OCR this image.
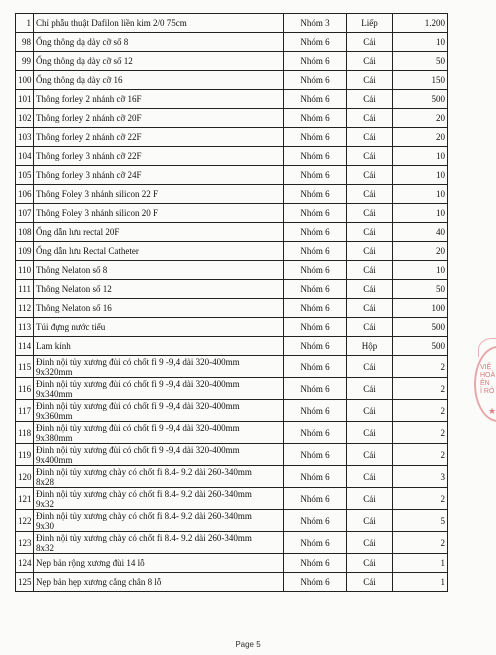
1	Chỉ phẫu thuật Dafilon liền kim 2/0 75cm	Nhóm 3	Liếp	1.200
98	Ống thông dạ dày cỡ số 8	Nhóm 6	Cái	10
99	Ống thông dạ dày cỡ số 12	Nhóm 6	Cái	50
100	Ống thông dạ dày cỡ 16	Nhóm 6	Cái	150
101	Thông forley 2 nhánh cỡ 16F	Nhóm 6	Cái	500
102	Thông forley 2 nhánh cỡ 20F	Nhóm 6	Cái	20
103	Thông forley 2 nhánh cỡ 22F	Nhóm 6	Cái	20
104	Thông forley 3 nhánh cỡ 22F	Nhóm 6	Cái	10
105	Thông forley 3 nhánh cỡ 24F	Nhóm 6	Cái	10
106	Thông Foley 3 nhánh silicon 22 F	Nhóm 6	Cái	10
107	Thông Foley 3 nhánh silicon 20 F	Nhóm 6	Cái	10
108	Ống dẫn lưu rectal 20F	Nhóm 6	Cái	40
109	Ống dẫn lưu Rectal Catheter	Nhóm 6	Cái	20
110	Thông Nelaton số 8	Nhóm 6	Cái	10
111	Thông Nelaton số 12	Nhóm 6	Cái	50
112	Thông Nelaton số 16	Nhóm 6	Cái	100
113	Túi đựng nước tiểu	Nhóm 6	Cái	500
114	Lam kính	Nhóm 6	Hộp	500
115	Đinh nội tủy xương đùi có chốt fi 9 -9,4 dài 320-400mm
9x320mm	Nhóm 6	Cái	2
116	Đinh nội tủy xương đùi có chốt fi 9 -9,4 dài 320-400mm
9x340mm	Nhóm 6	Cái	2
117	Đinh nội tủy xương đùi có chốt fi 9 -9,4 dài 320-400mm
9x360mm	Nhóm 6	Cái	2
118	Đinh nội tủy xương đùi có chốt fi 9 -9,4 dài 320-400mm
9x380mm	Nhóm 6	Cái	2
119	Đinh nội tủy xương đùi có chốt fi 9 -9,4 dài 320-400mm
9x400mm	Nhóm 6	Cái	2
120	Đinh nội tủy xương chày có chốt fi 8.4- 9.2 dài 260-340mm
8x28	Nhóm 6	Cái	3
121	Đinh nội tủy xương chày có chốt fi 8.4- 9.2 dài 260-340mm
9x32	Nhóm 6	Cái	2
122	Đinh nội tủy xương chày có chốt fi 8.4- 9.2 dài 260-340mm
9x30	Nhóm 6	Cái	5
123	Đinh nội tủy xương chày có chốt fi 8.4- 9.2 dài 260-340mm
8x32	Nhóm 6	Cái	2
124	Nẹp bản rộng xương đùi 14 lỗ	Nhóm 6	Cái	1
125	Nẹp bản hẹp xương cẳng chân 8 lỗ	Nhóm 6	Cái	1
VIỆ
HOÀ
ÊN
Ì RÔ
★
Page 5
